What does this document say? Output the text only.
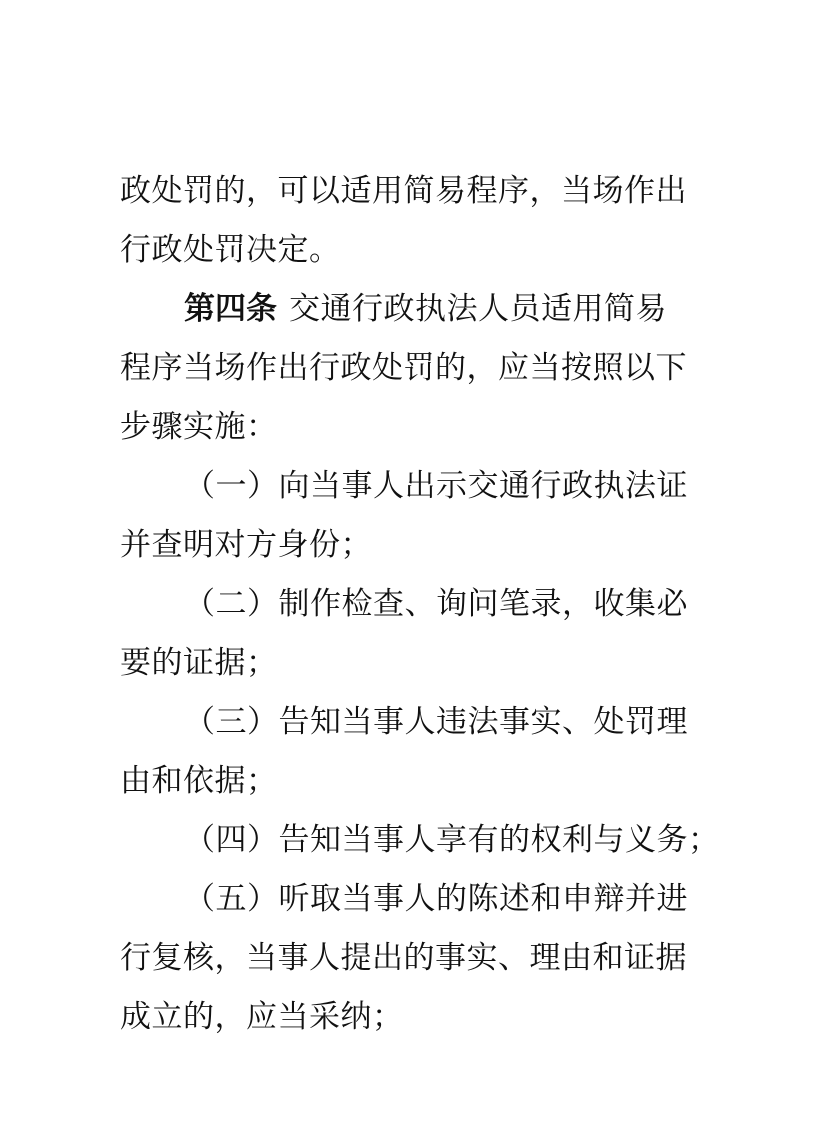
政处罚的，可以适用简易程序，当场作出
行政处罚决定。
第四条 交通行政执法人员适用简易
程序当场作出行政处罚的，应当按照以下
步骤实施：
（一）向当事人出示交通行政执法证
并查明对方身份；
（二）制作检查、询问笔录，收集必
要的证据；
（三）告知当事人违法事实、处罚理
由和依据；
（四）告知当事人享有的权利与义务；
（五）听取当事人的陈述和申辩并进
行复核，当事人提出的事实、理由和证据
成立的，应当采纳；
